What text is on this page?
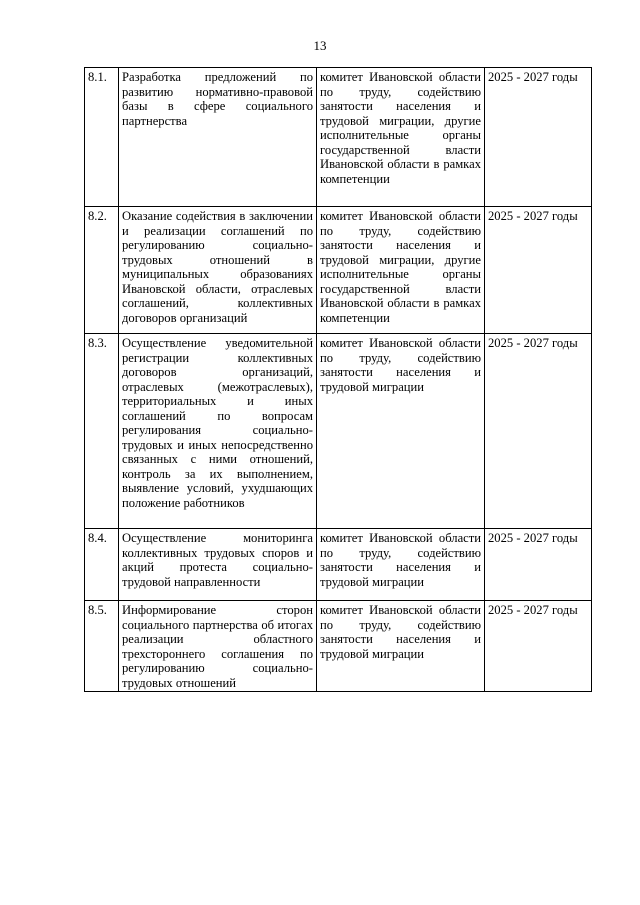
13
8.1.	Разработка предложений по развитию нормативно-правовой базы в сфере социального партнерства	комитет Ивановской области по труду, содействию занятости населения и трудовой миграции, другие исполнительные органы государственной власти Ивановской области в рамках компетенции	2025 - 2027 годы
8.2.	Оказание содействия в заключении и реализации соглашений по регулированию социально-трудовых отношений в муниципальных образованиях Ивановской области, отраслевых соглашений, коллективных договоров организаций	комитет Ивановской области по труду, содействию занятости населения и трудовой миграции, другие исполнительные органы государственной власти Ивановской области в рамках компетенции	2025 - 2027 годы
8.3.	Осуществление уведомительной регистрации коллективных договоров организаций, отраслевых (межотраслевых), территориальных и иных соглашений по вопросам регулирования социально-трудовых и иных непосредственно связанных с ними отношений, контроль за их выполнением, выявление условий, ухудшающих положение работников	комитет Ивановской области по труду, содействию занятости населения и трудовой миграции	2025 - 2027 годы
8.4.	Осуществление мониторинга коллективных трудовых споров и акций протеста социально-трудовой направленности	комитет Ивановской области по труду, содействию занятости населения и трудовой миграции	2025 - 2027 годы
8.5.	Информирование сторон социального партнерства об итогах реализации областного трехстороннего соглашения по регулированию социально-трудовых отношений	комитет Ивановской области по труду, содействию занятости населения и трудовой миграции	2025 - 2027 годы
